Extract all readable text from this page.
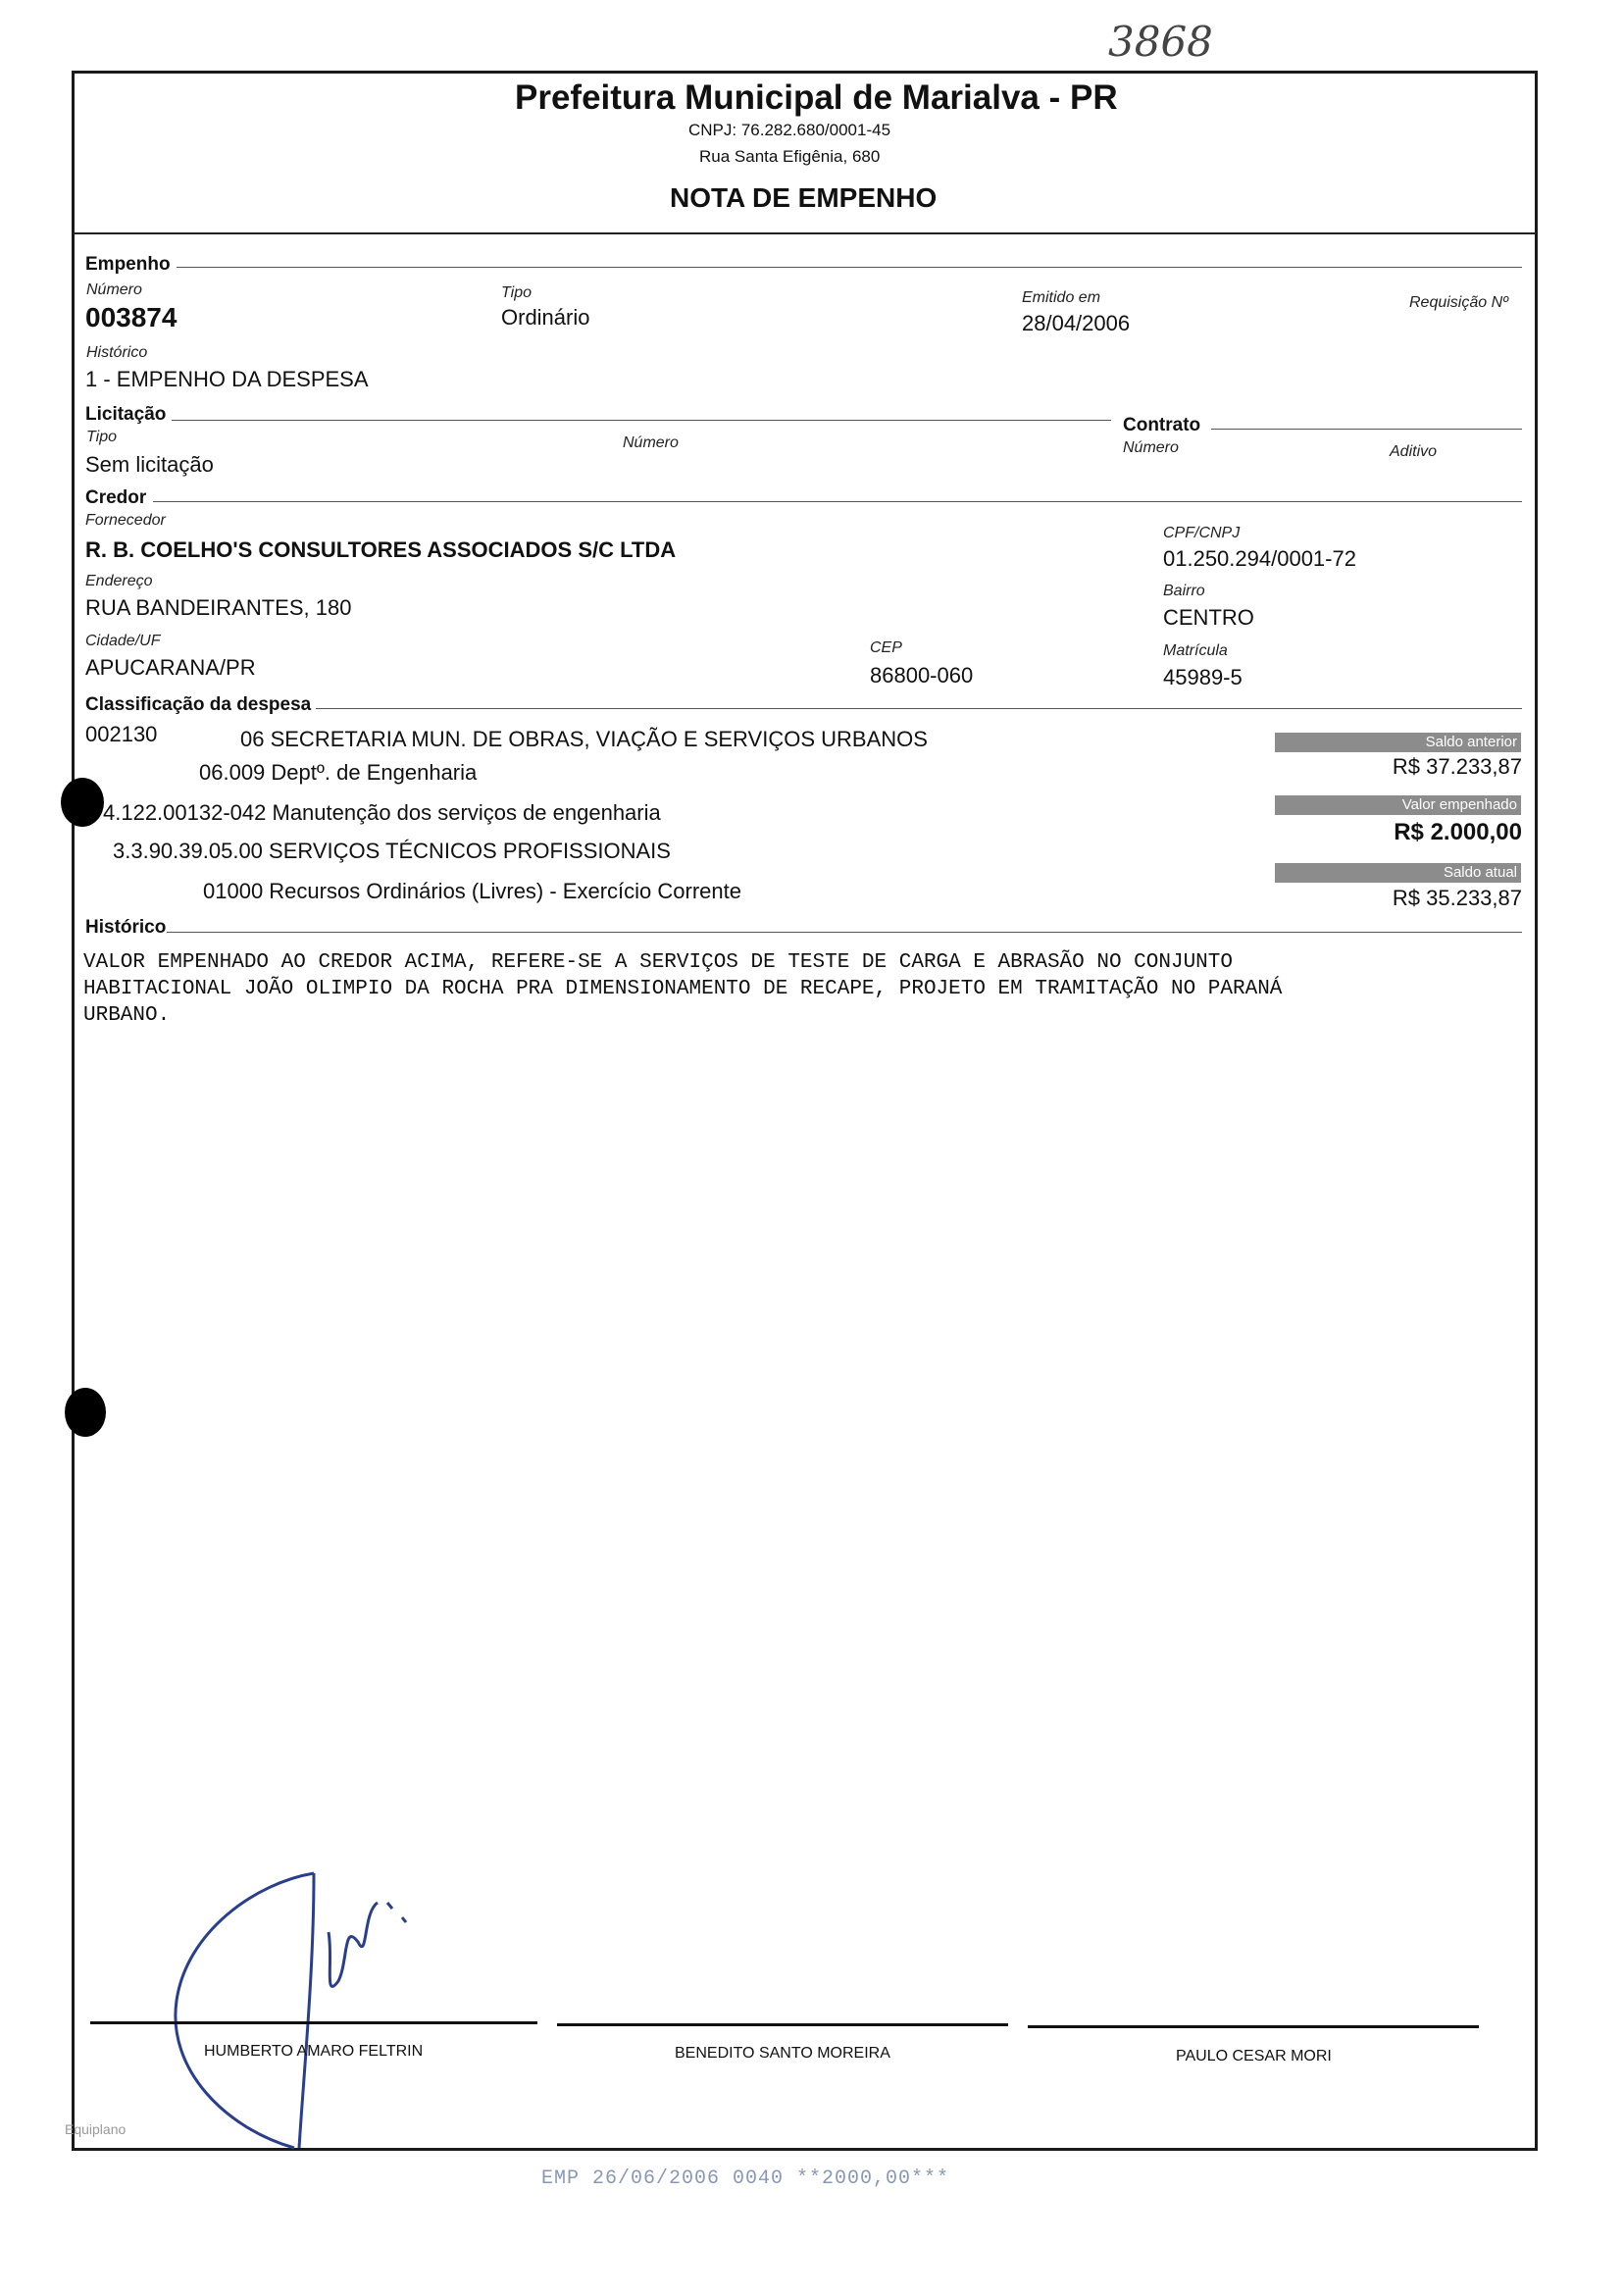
3868
Prefeitura Municipal de Marialva - PR
CNPJ: 76.282.680/0001-45
Rua Santa Efigênia, 680
NOTA DE EMPENHO
Empenho
Número
003874
Tipo
Ordinário
Emitido em
28/04/2006
Requisição Nº
Histórico
1 - EMPENHO DA DESPESA
Licitação
Tipo
Sem licitação
Número
Contrato
Número	Aditivo
Credor
Fornecedor
R. B. COELHO'S CONSULTORES ASSOCIADOS S/C LTDA
CPF/CNPJ
01.250.294/0001-72
Endereço
RUA BANDEIRANTES, 180
Bairro
CENTRO
Cidade/UF
APUCARANA/PR
CEP
86800-060
Matrícula
45989-5
Classificação da despesa
002130	06 SECRETARIA MUN. DE OBRAS, VIAÇÃO E SERVIÇOS URBANOS
06.009 Deptº. de Engenharia
4.122.00132-042 Manutenção dos serviços de engenharia
3.3.90.39.05.00 SERVIÇOS TÉCNICOS PROFISSIONAIS
01000 Recursos Ordinários (Livres) - Exercício Corrente
Saldo anterior
R$ 37.233,87
Valor empenhado
R$ 2.000,00
Saldo atual
R$ 35.233,87
Histórico
VALOR EMPENHADO AO CREDOR ACIMA, REFERE-SE A SERVIÇOS DE TESTE DE CARGA E ABRASÃO NO CONJUNTO
HABITACIONAL JOÃO OLIMPIO DA ROCHA PRA DIMENSIONAMENTO DE RECAPE, PROJETO EM TRAMITAÇÃO NO PARANÁ
URBANO.
HUMBERTO AMARO FELTRIN	BENEDITO SANTO MOREIRA	PAULO CESAR MORI
Equiplano
EMP 26/06/2006 0040 **2000,00***
